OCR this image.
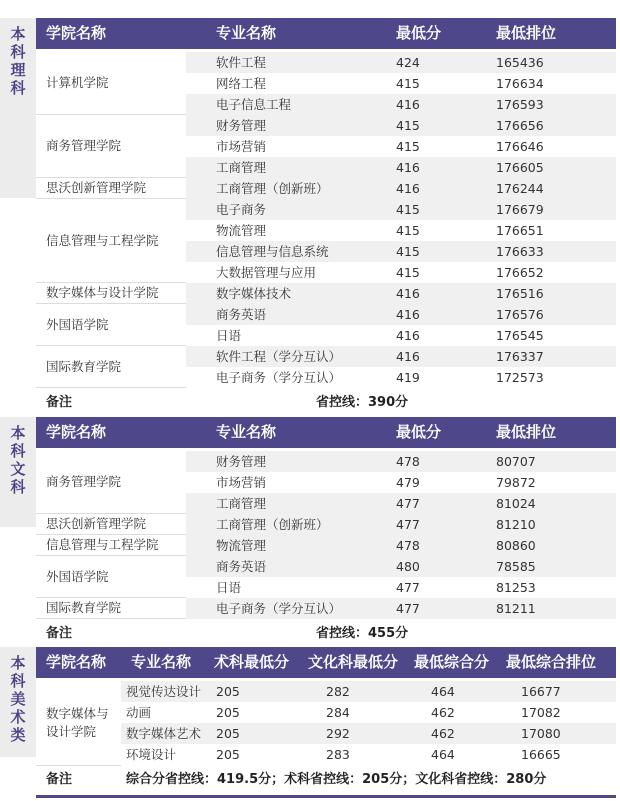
本
科
理
科
学院名称	专业名称	最低分	最低排位
计算机学院
软件工程	424	165436
网络工程	415	176634
电子信息工程	416	176593
商务管理学院
财务管理	415	176656
市场营销	415	176646
工商管理	416	176605
思沃创新管理学院	工商管理（创新班）	416	176244
信息管理与工程学院
电子商务	415	176679
物流管理	415	176651
信息管理与信息系统	415	176633
大数据管理与应用	415	176652
数字媒体与设计学院	数字媒体技术	416	176516
外国语学院
商务英语	416	176576
日语	416	176545
国际教育学院
软件工程（学分互认）	416	176337
电子商务（学分互认）	419	172573
备注	省控线：390分
本
科
文
科
学院名称	专业名称	最低分	最低排位
商务管理学院
财务管理	478	80707
市场营销	479	79872
工商管理	477	81024
思沃创新管理学院	工商管理（创新班）	477	81210
信息管理与工程学院	物流管理	478	80860
外国语学院
商务英语	480	78585
日语	477	81253
国际教育学院	电子商务（学分互认）	477	81211
备注	省控线：455分
本
科
美
术
类
学院名称 专业名称 术科最低分 文化科最低分 最低综合分 最低综合排位
数字媒体与
设计学院
视觉传达设计 205	282	464	16677
动画	205	284	462	17082
数字媒体艺术 205	292	462	17080
环境设计	205	283	464	16665
备注	综合分省控线：419.5分；术科省控线：205分；文化科省控线：280分
